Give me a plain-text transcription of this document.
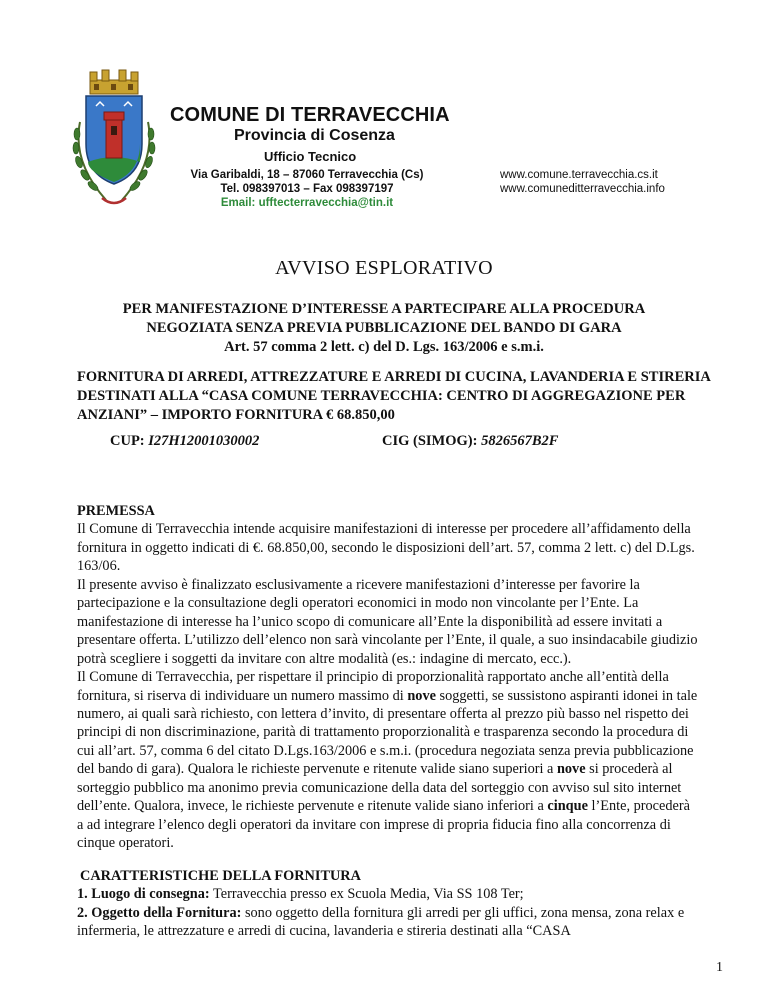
COMUNE DI TERRAVECCHIA
Provincia di Cosenza
Ufficio Tecnico
Via Garibaldi, 18 – 87060 Terravecchia (Cs)
Tel. 098397013 – Fax 098397197
Email: ufftecterravecchia@tin.it
www.comune.terravecchia.cs.it
www.comuneditterravecchia.info
AVVISO ESPLORATIVO
PER MANIFESTAZIONE D’INTERESSE A PARTECIPARE ALLA PROCEDURA
NEGOZIATA SENZA PREVIA PUBBLICAZIONE DEL BANDO DI GARA
Art. 57 comma 2 lett. c) del D. Lgs. 163/2006 e s.m.i.
FORNITURA DI ARREDI, ATTREZZATURE E ARREDI DI CUCINA, LAVANDERIA E STIRERIA DESTINATI ALLA “CASA COMUNE TERRAVECCHIA: CENTRO DI AGGREGAZIONE PER ANZIANI” – IMPORTO FORNITURA € 68.850,00
CUP: I27H12001030002	CIG (SIMOG): 5826567B2F

PREMESSA

Il Comune di Terravecchia intende acquisire manifestazioni di interesse per procedere all’affidamento della fornitura in oggetto indicati di €. 68.850,00, secondo le disposizioni dell’art. 57, comma 2 lett. c) del D.Lgs. 163/06.

Il presente avviso è finalizzato esclusivamente a ricevere manifestazioni d’interesse per favorire la partecipazione e la consultazione degli operatori economici in modo non vincolante per l’Ente. La manifestazione di interesse ha l’unico scopo di comunicare all’Ente la disponibilità ad essere invitati a presentare offerta. L’utilizzo dell’elenco non sarà vincolante per l’Ente, il quale, a suo insindacabile giudizio potrà scegliere i soggetti da invitare con altre modalità (es.: indagine di mercato, ecc.).

Il Comune di Terravecchia, per rispettare il principio di proporzionalità rapportato anche all’entità della fornitura, si riserva di individuare un numero massimo di nove soggetti, se sussistono aspiranti idonei in tale numero, ai quali sarà richiesto, con lettera d’invito, di presentare offerta al prezzo più basso nel rispetto dei principi di non discriminazione, parità di trattamento proporzionalità e trasparenza secondo la procedura di cui all’art. 57, comma 6 del citato D.Lgs.163/2006 e s.m.i. (procedura negoziata senza previa pubblicazione del bando di gara). Qualora le richieste pervenute e ritenute valide siano superiori a nove si procederà al sorteggio pubblico ma anonimo previa comunicazione della data del sorteggio con avviso sul sito internet dell’ente. Qualora, invece, le richieste pervenute e ritenute valide siano inferiori a cinque l’Ente, procederà a ad integrare l’elenco degli operatori da invitare con imprese di propria fiducia fino alla concorrenza di cinque operatori.

CARATTERISTICHE DELLA FORNITURA

1. Luogo di consegna: Terravecchia presso ex Scuola Media, Via SS 108 Ter;

2. Oggetto della Fornitura: sono oggetto della fornitura gli arredi per gli uffici, zona mensa, zona relax e infermeria, le attrezzature e arredi di cucina, lavanderia e stireria destinati alla “CASA

1
